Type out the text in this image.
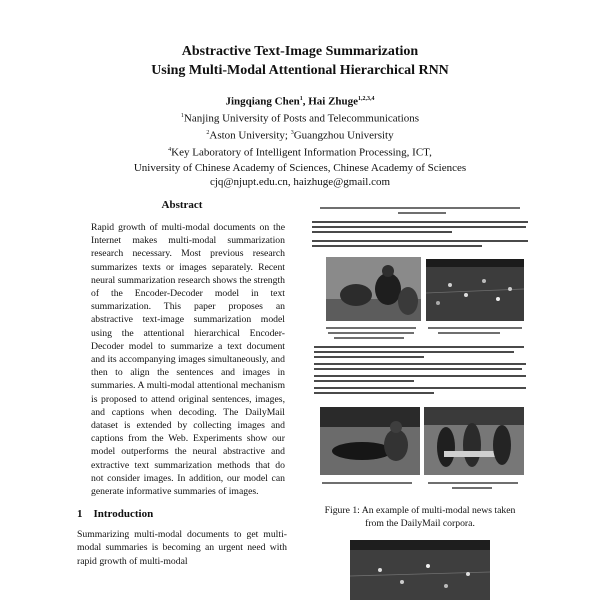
Abstractive Text-Image Summarization
Using Multi-Modal Attentional Hierarchical RNN
Jingqiang Chen$^1$, Hai Zhuge$^{1,2,3,4}$
$^1$Nanjing University of Posts and Telecommunications
$^2$Aston University; $^3$Guangzhou University
$^4$Key Laboratory of Intelligent Information Processing, ICT,
University of Chinese Academy of Sciences, Chinese Academy of Sciences
cjq@njupt.edu.cn, haizhuge@gmail.com
Abstract
Rapid growth of multi-modal documents on the Internet makes multi-modal summarization research necessary. Most previous research summarizes texts or images separately. Recent neural summarization research shows the strength of the Encoder-Decoder model in text summarization. This paper proposes an abstractive text-image summarization model using the attentional hierarchical Encoder-Decoder model to summarize a text document and its accompanying images simultaneously, and then to align the sentences and images in summaries. A multi-modal attentional mechanism is proposed to attend original sentences, images, and captions when decoding. The DailyMail dataset is extended by collecting images and captions from the Web. Experiments show our model outperforms the neural abstractive and extractive text summarization methods that do not consider images. In addition, our model can generate informative summaries of images.
1 Introduction
Summarizing multi-modal documents to get multi-modal summaries is becoming an urgent need with rapid growth of multi-modal
Figure 1: An example of multi-modal news taken
from the DailyMail corpora.
